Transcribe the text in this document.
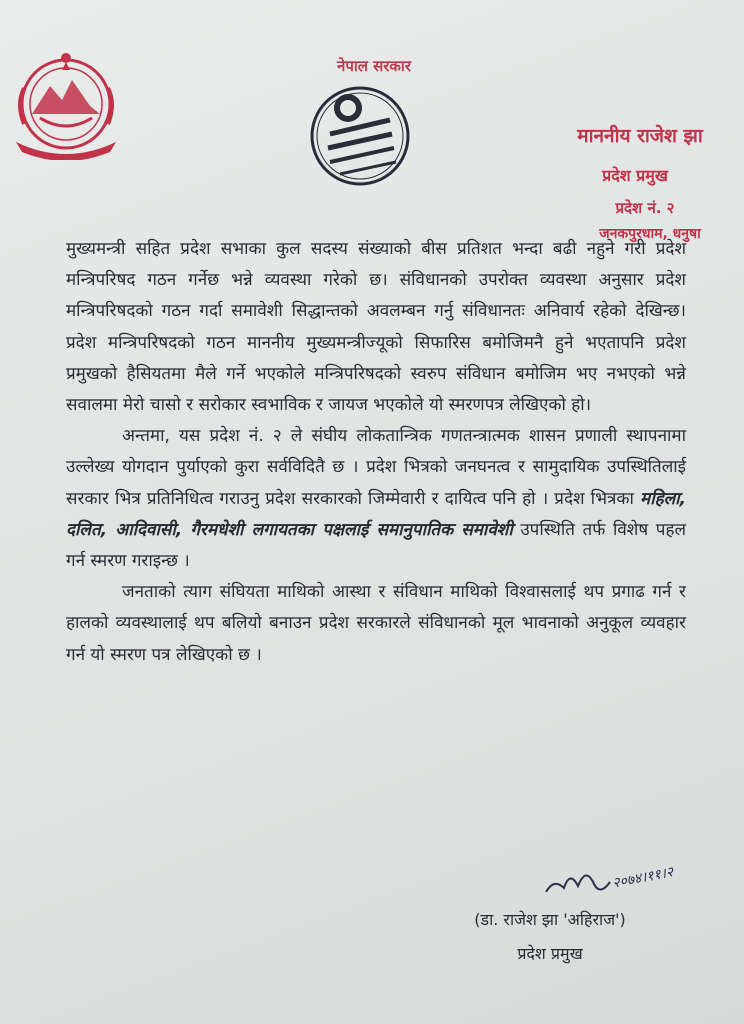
नेपाल सरकार
माननीय राजेश झा
प्रदेश प्रमुख
प्रदेश नं. २
जनकपुरधाम, धनुषा

मुख्यमन्त्री सहित प्रदेश सभाका कुल सदस्य संख्याको बीस प्रतिशत भन्दा बढी नहुने गरी प्रदेश मन्त्रिपरिषद गठन गर्नेछ भन्ने व्यवस्था गरेको छ। संविधानको उपरोक्त व्यवस्था अनुसार प्रदेश मन्त्रिपरिषदको गठन गर्दा समावेशी सिद्धान्तको अवलम्बन गर्नु संविधानतः अनिवार्य रहेको देखिन्छ। प्रदेश मन्त्रिपरिषदको गठन माननीय मुख्यमन्त्रीज्यूको सिफारिस बमोजिमनै हुने भएतापनि प्रदेश प्रमुखको हैसियतमा मैले गर्ने भएकोले मन्त्रिपरिषदको स्वरुप संविधान बमोजिम भए नभएको भन्ने सवालमा मेरो चासो र सरोकार स्वभाविक र जायज भएकोले यो स्मरणपत्र लेखिएको हो।

अन्तमा, यस प्रदेश नं. २ ले संघीय लोकतान्त्रिक गणतन्त्रात्मक शासन प्रणाली स्थापनामा उल्लेख्य योगदान पुर्याएको कुरा सर्वविदितै छ । प्रदेश भित्रको जनघनत्व र सामुदायिक उपस्थितिलाई सरकार भित्र प्रतिनिधित्व गराउनु प्रदेश सरकारको जिम्मेवारी र दायित्व पनि हो । प्रदेश भित्रका महिला, दलित, आदिवासी, गैरमधेशी लगायतका पक्षलाई समानुपातिक समावेशी उपस्थिति तर्फ विशेष पहल गर्न स्मरण गराइन्छ ।

जनताको त्याग संघियता माथिको आस्था र संविधान माथिको विश्वासलाई थप प्रगाढ गर्न र हालको व्यवस्थालाई थप बलियो बनाउन प्रदेश सरकारले संविधानको मूल भावनाको अनुकूल व्यवहार गर्न यो स्मरण पत्र लेखिएको छ ।

२०७४।११।२
(डा. राजेश झा 'अहिराज')
प्रदेश प्रमुख
